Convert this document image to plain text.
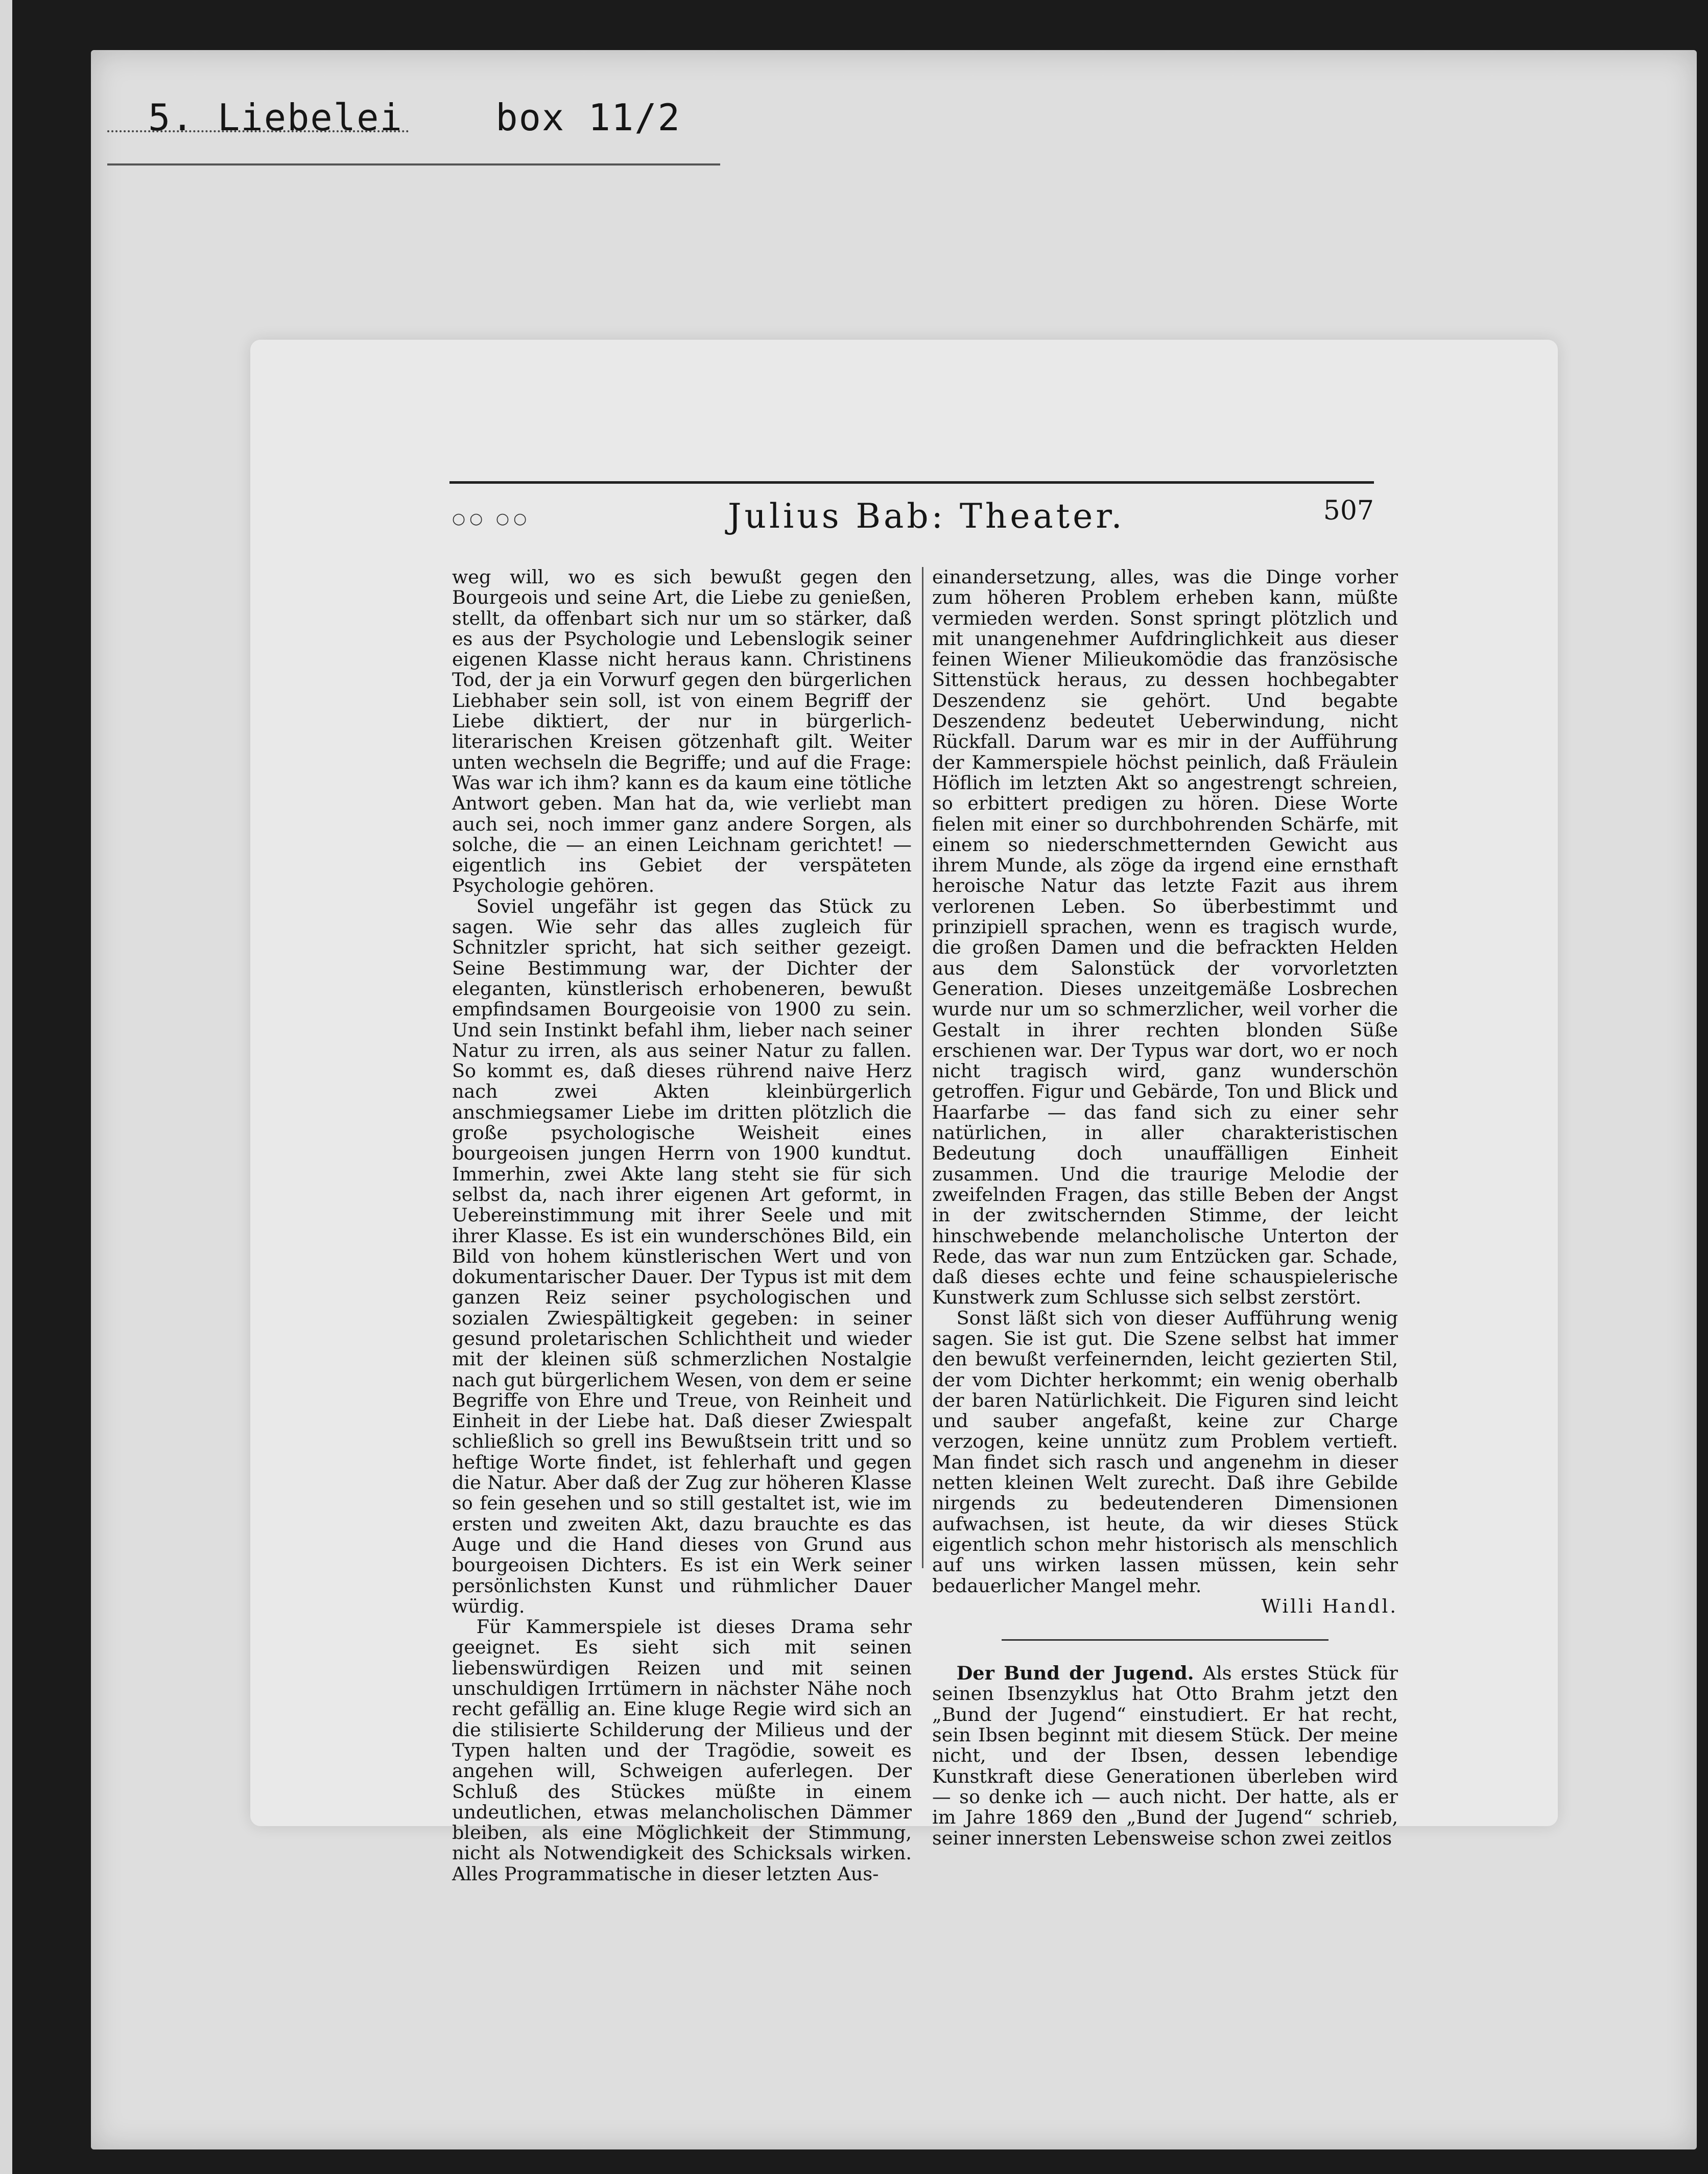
5. Liebelei    box 11/2
○○ ○○	Julius Bab: Theater.	507

weg will, wo es sich bewußt gegen den Bourgeois und seine Art, die Liebe zu genießen, stellt, da offenbart sich nur um so stärker, daß es aus der Psychologie und Lebenslogik seiner eigenen Klasse nicht heraus kann. Christinens Tod, der ja ein Vorwurf gegen den bürgerlichen Liebhaber sein soll, ist von einem Begriff der Liebe diktiert, der nur in bürgerlich-literarischen Kreisen götzenhaft gilt. Weiter unten wechseln die Begriffe; und auf die Frage: Was war ich ihm? kann es da kaum eine tötliche Antwort geben. Man hat da, wie verliebt man auch sei, noch immer ganz andere Sorgen, als solche, die — an einen Leichnam gerichtet! — eigentlich ins Gebiet der verspäteten Psychologie gehören.

Soviel ungefähr ist gegen das Stück zu sagen. Wie sehr das alles zugleich für Schnitzler spricht, hat sich seither gezeigt. Seine Bestimmung war, der Dichter der eleganten, künstlerisch erhobeneren, bewußt empfindsamen Bourgeoisie von 1900 zu sein. Und sein Instinkt befahl ihm, lieber nach seiner Natur zu irren, als aus seiner Natur zu fallen. So kommt es, daß dieses rührend naive Herz nach zwei Akten kleinbürgerlich anschmiegsamer Liebe im dritten plötzlich die große psychologische Weisheit eines bourgeoisen jungen Herrn von 1900 kundtut. Immerhin, zwei Akte lang steht sie für sich selbst da, nach ihrer eigenen Art geformt, in Uebereinstimmung mit ihrer Seele und mit ihrer Klasse. Es ist ein wunderschönes Bild, ein Bild von hohem künstlerischen Wert und von dokumentarischer Dauer. Der Typus ist mit dem ganzen Reiz seiner psychologischen und sozialen Zwiespältigkeit gegeben: in seiner gesund proletarischen Schlichtheit und wieder mit der kleinen süß schmerzlichen Nostalgie nach gut bürgerlichem Wesen, von dem er seine Begriffe von Ehre und Treue, von Reinheit und Einheit in der Liebe hat. Daß dieser Zwiespalt schließlich so grell ins Bewußtsein tritt und so heftige Worte findet, ist fehlerhaft und gegen die Natur. Aber daß der Zug zur höheren Klasse so fein gesehen und so still gestaltet ist, wie im ersten und zweiten Akt, dazu brauchte es das Auge und die Hand dieses von Grund aus bourgeoisen Dichters. Es ist ein Werk seiner persönlichsten Kunst und rühmlicher Dauer würdig.

Für Kammerspiele ist dieses Drama sehr geeignet. Es sieht sich mit seinen liebenswürdigen Reizen und mit seinen unschuldigen Irrtümern in nächster Nähe noch recht gefällig an. Eine kluge Regie wird sich an die stilisierte Schilderung der Milieus und der Typen halten und der Tragödie, soweit es angehen will, Schweigen auferlegen. Der Schluß des Stückes müßte in einem undeutlichen, etwas melancholischen Dämmer bleiben, als eine Möglichkeit der Stimmung, nicht als Notwendigkeit des Schicksals wirken. Alles Programmatische in dieser letzten Aus-

einandersetzung, alles, was die Dinge vorher zum höheren Problem erheben kann, müßte vermieden werden. Sonst springt plötzlich und mit unangenehmer Aufdringlichkeit aus dieser feinen Wiener Milieukomödie das französische Sittenstück heraus, zu dessen hochbegabter Deszendenz sie gehört. Und begabte Deszendenz bedeutet Ueberwindung, nicht Rückfall. Darum war es mir in der Aufführung der Kammerspiele höchst peinlich, daß Fräulein Höflich im letzten Akt so angestrengt schreien, so erbittert predigen zu hören. Diese Worte fielen mit einer so durchbohrenden Schärfe, mit einem so niederschmetternden Gewicht aus ihrem Munde, als zöge da irgend eine ernsthaft heroische Natur das letzte Fazit aus ihrem verlorenen Leben. So überbestimmt und prinzipiell sprachen, wenn es tragisch wurde, die großen Damen und die befrackten Helden aus dem Salonstück der vorvorletzten Generation. Dieses unzeitgemäße Losbrechen wurde nur um so schmerzlicher, weil vorher die Gestalt in ihrer rechten blonden Süße erschienen war. Der Typus war dort, wo er noch nicht tragisch wird, ganz wunderschön getroffen. Figur und Gebärde, Ton und Blick und Haarfarbe — das fand sich zu einer sehr natürlichen, in aller charakteristischen Bedeutung doch unauffälligen Einheit zusammen. Und die traurige Melodie der zweifelnden Fragen, das stille Beben der Angst in der zwitschernden Stimme, der leicht hinschwebende melancholische Unterton der Rede, das war nun zum Entzücken gar. Schade, daß dieses echte und feine schauspielerische Kunstwerk zum Schlusse sich selbst zerstört.

Sonst läßt sich von dieser Aufführung wenig sagen. Sie ist gut. Die Szene selbst hat immer den bewußt verfeinernden, leicht gezierten Stil, der vom Dichter herkommt; ein wenig oberhalb der baren Natürlichkeit. Die Figuren sind leicht und sauber angefaßt, keine zur Charge verzogen, keine unnütz zum Problem vertieft. Man findet sich rasch und angenehm in dieser netten kleinen Welt zurecht. Daß ihre Gebilde nirgends zu bedeutenderen Dimensionen aufwachsen, ist heute, da wir dieses Stück eigentlich schon mehr historisch als menschlich auf uns wirken lassen müssen, kein sehr bedauerlicher Mangel mehr.

Willi Handl.

Der Bund der Jugend. Als erstes Stück für seinen Ibsenzyklus hat Otto Brahm jetzt den „Bund der Jugend“ einstudiert. Er hat recht, sein Ibsen beginnt mit diesem Stück. Der meine nicht, und der Ibsen, dessen lebendige Kunstkraft diese Generationen überleben wird — so denke ich — auch nicht. Der hatte, als er im Jahre 1869 den „Bund der Jugend“ schrieb, seiner innersten Lebensweise schon zwei zeitlos
